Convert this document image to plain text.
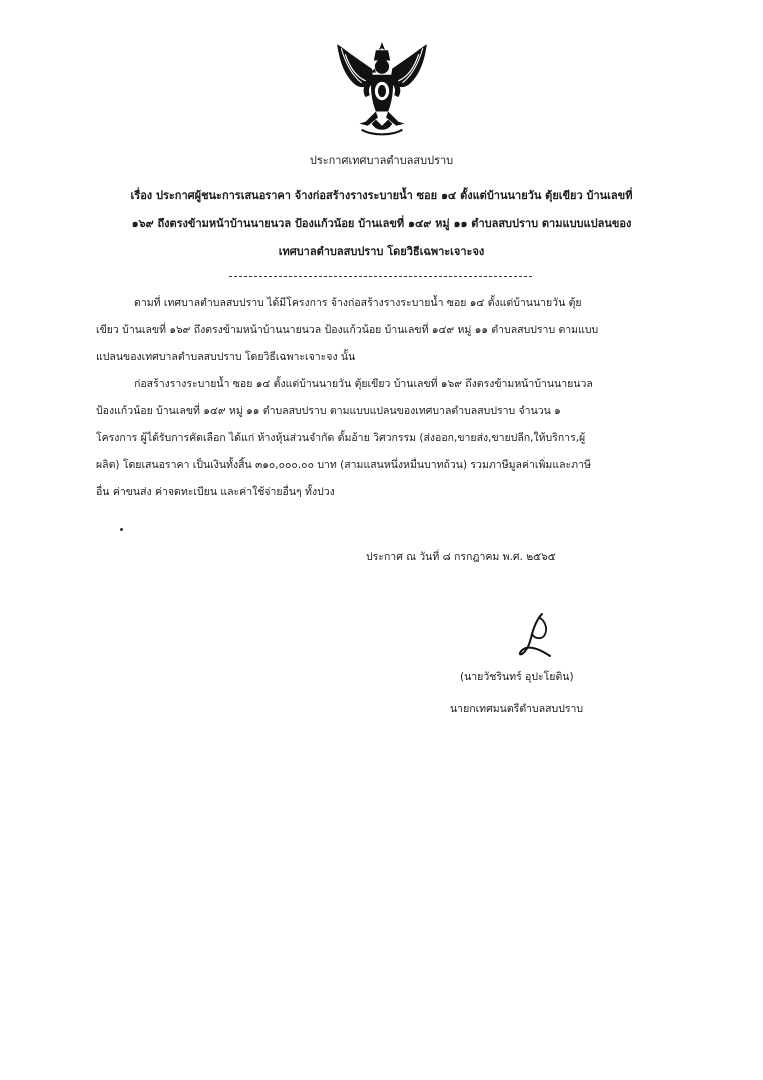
ประกาศเทศบาลตำบลสบปราบ
เรื่อง ประกาศผู้ชนะการเสนอราคา จ้างก่อสร้างรางระบายน้ำ ซอย ๑๔ ตั้งแต่บ้านนายวัน ตุ้ยเขียว บ้านเลขที่
๑๖๙ ถึงตรงข้ามหน้าบ้านนายนวล ป้องแก้วน้อย บ้านเลขที่ ๑๔๙ หมู่ ๑๑ ตำบลสบปราบ ตามแบบแปลนของ
เทศบาลตำบลสบปราบ โดยวิธีเฉพาะเจาะจง
ตามที่ เทศบาลตำบลสบปราบ ได้มีโครงการ จ้างก่อสร้างรางระบายน้ำ ซอย ๑๔ ตั้งแต่บ้านนายวัน ตุ้ย
เขียว บ้านเลขที่ ๑๖๙ ถึงตรงข้ามหน้าบ้านนายนวล ป้องแก้วน้อย บ้านเลขที่ ๑๔๙ หมู่ ๑๑ ตำบลสบปราบ ตามแบบ
แปลนของเทศบาลตำบลสบปราบ โดยวิธีเฉพาะเจาะจง นั้น
ก่อสร้างรางระบายน้ำ ซอย ๑๔ ตั้งแต่บ้านนายวัน ตุ้ยเขียว บ้านเลขที่ ๑๖๙ ถึงตรงข้ามหน้าบ้านนายนวล
ป้องแก้วน้อย บ้านเลขที่ ๑๔๙ หมู่ ๑๑ ตำบลสบปราบ ตามแบบแปลนของเทศบาลตำบลสบปราบ จำนวน ๑
โครงการ ผู้ได้รับการคัดเลือก ได้แก่ ห้างหุ้นส่วนจำกัด ตั้มอ้าย วิศวกรรม (ส่งออก,ขายส่ง,ขายปลีก,ให้บริการ,ผู้
ผลิต) โดยเสนอราคา เป็นเงินทั้งสิ้น ๓๑๐,๐๐๐.๐๐ บาท (สามแสนหนึ่งหมื่นบาทถ้วน) รวมภาษีมูลค่าเพิ่มและภาษี
อื่น ค่าขนส่ง ค่าจดทะเบียน และค่าใช้จ่ายอื่นๆ ทั้งปวง
ประกาศ ณ วันที่ ๘ กรกฎาคม พ.ศ. ๒๕๖๕
(นายวัชรินทร์ อุปะโยติน)
นายกเทศมนตรีตำบลสบปราบ
